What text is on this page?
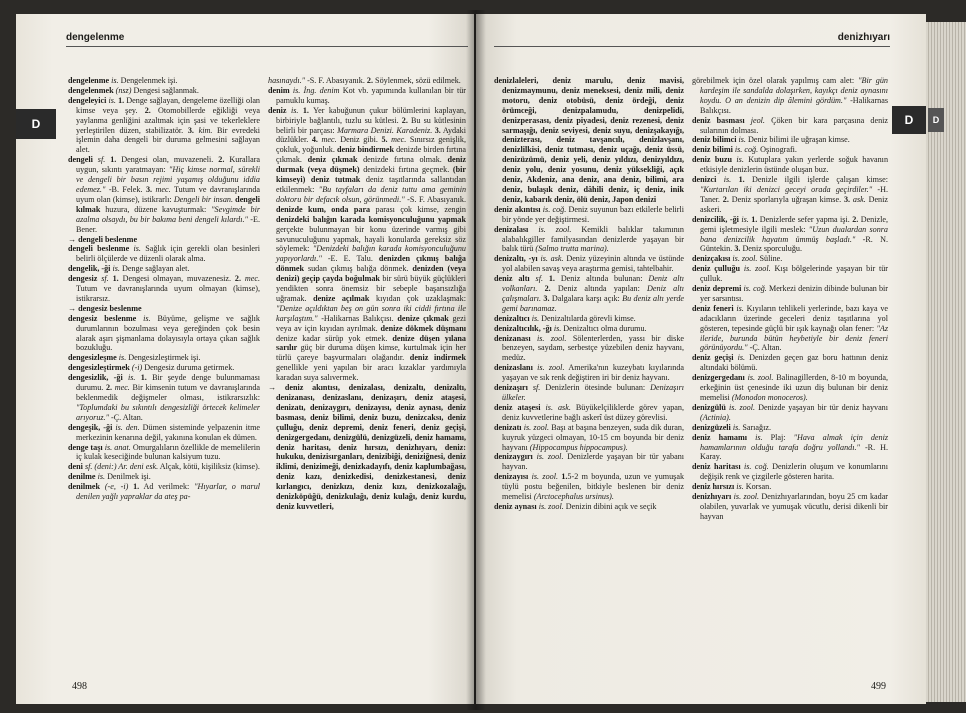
dengelenme
D

dengelenme is. Dengelenmek işi.

dengelenmek (nsz) Dengesi sağlanmak.

dengeleyici is. 1. Denge sağlayan, dengeleme özelliği olan kimse veya şey. 2. Otomobillerde eğikliği veya yaylanma genliğini azaltmak için şasi ve tekerleklere yerleştirilen düzen, stabilizatör. 3. kim. Bir evredeki işlemin daha dengeli bir duruma gelmesini sağlayan alet.

dengeli sf. 1. Dengesi olan, muvazeneli. 2. Kurallara uygun, sıkıntı yaratmayan: "Hiç kimse normal, sürekli ve dengeli bir basın rejimi yaşamış olduğunu iddia edemez." -B. Felek. 3. mec. Tutum ve davranışlarında uyum olan (kimse), istikrarlı: Dengeli bir insan. dengeli kılmak huzura, düzene kavuşturmak: "Sevgimde bir azalma olsaydı, bu bir bakıma beni dengeli kılardı." -E. Bener.

→ dengeli beslenme

dengeli beslenme is. Sağlık için gerekli olan besinleri belirli ölçülerde ve düzenli olarak alma.

dengelik, -ği is. Denge sağlayan alet.

dengesiz sf. 1. Dengesi olmayan, muvazenesiz. 2. mec. Tutum ve davranışlarında uyum olmayan (kimse), istikrarsız.

→ dengesiz beslenme

dengesiz beslenme is. Büyüme, gelişme ve sağlık durumlarının bozulması veya gereğinden çok besin alarak aşırı şişmanlama dolayısıyla ortaya çıkan sağlık bozukluğu.

dengesizleşme is. Dengesizleştirmek işi.

dengesizleştirmek (-i) Dengesiz duruma getirmek.

dengesizlik, -ği is. 1. Bir şeyde denge bulunmaması durumu. 2. mec. Bir kimsenin tutum ve davranışlarında beklenmedik değişmeler olması, istikrarsızlık: "Toplumdaki bu sıkıntılı dengesizliği örtecek kelimeler arıyoruz." -Ç. Altan.

dengeşik, -ği is. den. Dümen sisteminde yelpazenin itme merkezinin kenarına değil, yakınına konulan ek dümen.

denge taşı is. anat. Omurgalıların özellikle de memelilerin iç kulak keseciğinde bulunan kalsiyum tuzu.

deni sf. (deni:) Ar. deni esk. Alçak, kötü, kişiliksiz (kimse).

denilme is. Denilmek işi.

denilmek (-e, -i) 1. Ad verilmek: "Hıyarlar, o marul denilen yağlı yapraklar da ateş pa-

hasınaydı." -S. F. Abasıyanık. 2. Söylenmek, sözü edilmek.

denim is. İng. denim Kot vb. yapımında kullanılan bir tür pamuklu kumaş.

deniz is. 1. Yer kabuğunun çukur bölümlerini kaplayan, birbiriyle bağlantılı, tuzlu su kütlesi. 2. Bu su kütlesinin belirli bir parçası: Marmara Denizi. Karadeniz. 3. Aydaki düzlükler. 4. mec. Deniz gibi. 5. mec. Sınırsız genişlik, çokluk, yoğunluk. deniz bindirmek denizde birden fırtına çıkmak. deniz çıkmak denizde fırtına olmak. deniz durmak (veya düşmek) denizdeki fırtına geçmek. (bir kimseyi) deniz tutmak deniz taşıtlarında sallantıdan etkilenmek: "Bu tayfaları da deniz tuttu ama geminin doktoru bir defacık olsun, görünmedi." -S. F. Abasıyanık. denizde kum, onda para parası çok kimse, zengin denizdeki balığın karada komisyonculuğunu yapmak gerçekte bulunmayan bir konu üzerinde varmış gibi savunuculuğunu yapmak, hayali konularda gereksiz söz söylemek: "Denizdeki balığın karada komisyonculuğunu yapıyorlardı." -E. E. Talu. denizden çıkmış balığa dönmek sudan çıkmış balığa dönmek. denizden (veya denizi) geçip çayda boğulmak bir sürü büyük güçlükleri yendikten sonra önemsiz bir sebeple başarısızlığa uğramak. denize açılmak kıyıdan çok uzaklaşmak: "Denize açıldıktan beş on gün sonra iki ciddi fırtına ile karşılaştım." -Halikarnas Balıkçısı. denize çıkmak gezi veya av için kıyıdan ayrılmak. denize dökmek düşmanı denize kadar sürüp yok etmek. denize düşen yılana sarılır güç bir duruma düşen kimse, kurtulmak için her türlü çareye başvurmaları olağandır. deniz indirmek genellikle yeni yapılan bir aracı kızaklar yardımıyla karadan suya salıvermek.

→ deniz akıntısı, denizalası, denizaltı, denizaltı, denizanası, denizaslanı, denizaşırı, deniz ataşesi, denizatı, denizaygırı, denizayısı, deniz aynası, deniz basması, deniz bilimi, deniz buzu, denizcaksı, deniz çulluğu, deniz depremi, deniz feneri, deniz geçişi, denizgergedanı, denizgülü, denizgüzeli, deniz hamamı, deniz haritası, deniz hırsızı, denizhıyarı, deniz: hukuku, denizisırganları, denizibiği, deniziğnesi, deniz iklimi, denizimeği, denizkadayıfı, deniz kaplumbağası, deniz kazı, denizkedisi, denizkestanesi, deniz kırlangıcı, denizkızı, deniz kızı, denizkozalağı, denizköpüğü, denizkulağı, deniz kulağı, deniz kurdu, deniz kuvvetleri,

498
denizhıyarı
D

denizlaleleri, deniz marulu, deniz mavisi, denizmaymunu, deniz meneksesi, deniz mili, deniz motoru, deniz otobüsü, deniz ördeği, deniz örümceği, denizpalamudu, denizpelidi, denizperasası, deniz piyadesi, deniz rezenesi, deniz sarmaşığı, deniz seviyesi, deniz suyu, denizşakayığı, denizterası, deniz tavşancılı, denizlavşanı, denizlilkisi, deniz tutması, deniz uçağı, deniz üssü, denizüzümü, deniz yeli, deniz yıldızı, denizyıldızı, deniz yolu, deniz yosunu, deniz yüksekliği, açık deniz, Akdeniz, ana deniz, ana deniz, bilimi, ara deniz, bulaşık deniz, dâhili deniz, iç deniz, inik deniz, kabarık deniz, ölü deniz, Japon denizi

deniz akıntısı is. coğ. Deniz suyunun bazı etkilerle belirli bir yönde yer değiştirmesi.

denizalası is. zool. Kemikli balıklar takımının alabalıkgiller familyasından denizlerde yaşayan bir balık türü (Salmo trutta marina).

denizaltı, -yı is. ask. Deniz yüzeyinin altında ve üstünde yol alabilen savaş veya araştırma gemisi, tahtelbahir.

deniz altı sf. 1. Deniz altında bulunan: Deniz altı volkanları. 2. Deniz altında yapılan: Deniz altı çalışmaları. 3. Dalgalara karşı açık: Bu deniz altı yerde gemi barınamaz.

denizaltıcı is. Denizaltılarda görevli kimse.

denizaltıcılık, -ğı is. Denizaltıcı olma durumu.

denizanası is. zool. Sölenterlerden, yassı bir diske benzeyen, saydam, serbestçe yüzebilen deniz hayvanı, medüz.

denizaslanı is. zool. Amerika'nın kuzeybatı kıyılarında yaşayan ve sık renk değiştiren iri bir deniz hayvanı.

denizaşırı sf. Denizlerin ötesinde bulunan: Denizaşırı ülkeler.

deniz ataşesi is. ask. Büyükelçiliklerde görev yapan, deniz kuvvetlerine bağlı askerî üst düzey görevlisi.

denizatı is. zool. Başı at başına benzeyen, sudа dik duran, kuyruk yüzgeci olmayan, 10-15 cm boyunda bir deniz hayvanı (Hippocampus hippocampus).

denizaygırı is. zool. Denizlerde yaşayan bir tür yabanı hayvan.

denizayısı is. zool. 1.5-2 m boyunda, uzun ve yumuşak tüylü postu beğenilen, bitkiyle beslenen bir deniz memelisi (Arctocephalus ursinus).

deniz aynası is. zool. Denizin dibini açık ve seçik

görebilmek için özel olarak yapılmış cam alet: "Bir gün kardeşim ile sandalda dolaşırken, kayıkçı deniz aynasını koydu. O an denizin dip âlemini gördüm." -Halikarnas Balıkçısı.

deniz basması jeol. Çöken bir kara parçasına deniz sularının dolması.

deniz bilimci is. Deniz bilimi ile uğraşan kimse.

deniz bilimi is. coğ. Oşinografi.

deniz buzu is. Kutuplara yakın yerlerde soğuk havanın etkisiyle denizlerin üstünde oluşan buz.

denizci is. 1. Denizle ilgili işlerde çalışan kimse: "Kurtarılan iki denizci geceyi orada geçirdiler." -H. Taner. 2. Deniz sporlarıyla uğraşan kimse. 3. ask. Deniz askeri.

denizcilik, -ği is. 1. Denizlerde sefer yapma işi. 2. Denizle, gemi işletmesiyle ilgili meslek: "Uzun dualardan sonra bana denizcilik hayatım ümmüş başladı." -R. N. Güntekin. 3. Deniz sporculuğu.

denizçakısı is. zool. Süline.

deniz çulluğu is. zool. Kışı bölgelerinde yaşayan bir tür çulluk.

deniz depremi is. coğ. Merkezi denizin dibinde bulunan bir yer sarsıntısı.

deniz feneri is. Kıyıların tehlikeli yerlerinde, bazı kaya ve adacıkların üzerinde geceleri deniz taşıtlarına yol gösteren, tepesinde güçlü bir ışık kaynağı olan fener: "Az ileride, burunda bütün heybetiyle bir deniz feneri görünüyordu." -Ç. Altan.

deniz geçişi is. Denizden geçen gaz boru hattının deniz altındaki bölümü.

denizgergedanı is. zool. Balinagillerden, 8-10 m boyunda, erkeğinin üst çenesinde iki uzun diş bulunan bir deniz memelisi (Monodon monoceros).

denizgülü is. zool. Denizde yaşayan bir tür deniz hayvanı (Actinia).

denizgüzeli is. Sarıağız.

deniz hamamı is. Plaj: "Hava almak için deniz hamamlarının olduğu tarafa doğru yollandı." -R. H. Karay.

deniz haritası is. coğ. Denizlerin oluşum ve konumlarını değişik renk ve çizgilerle gösteren harita.

deniz hırsızı is. Korsan.

denizhıyarı is. zool. Denizhıyarlarından, boyu 25 cm kadar olabilen, yuvarlak ve yumuşak vücutlu, derisi dikenli bir hayvan

499
D
